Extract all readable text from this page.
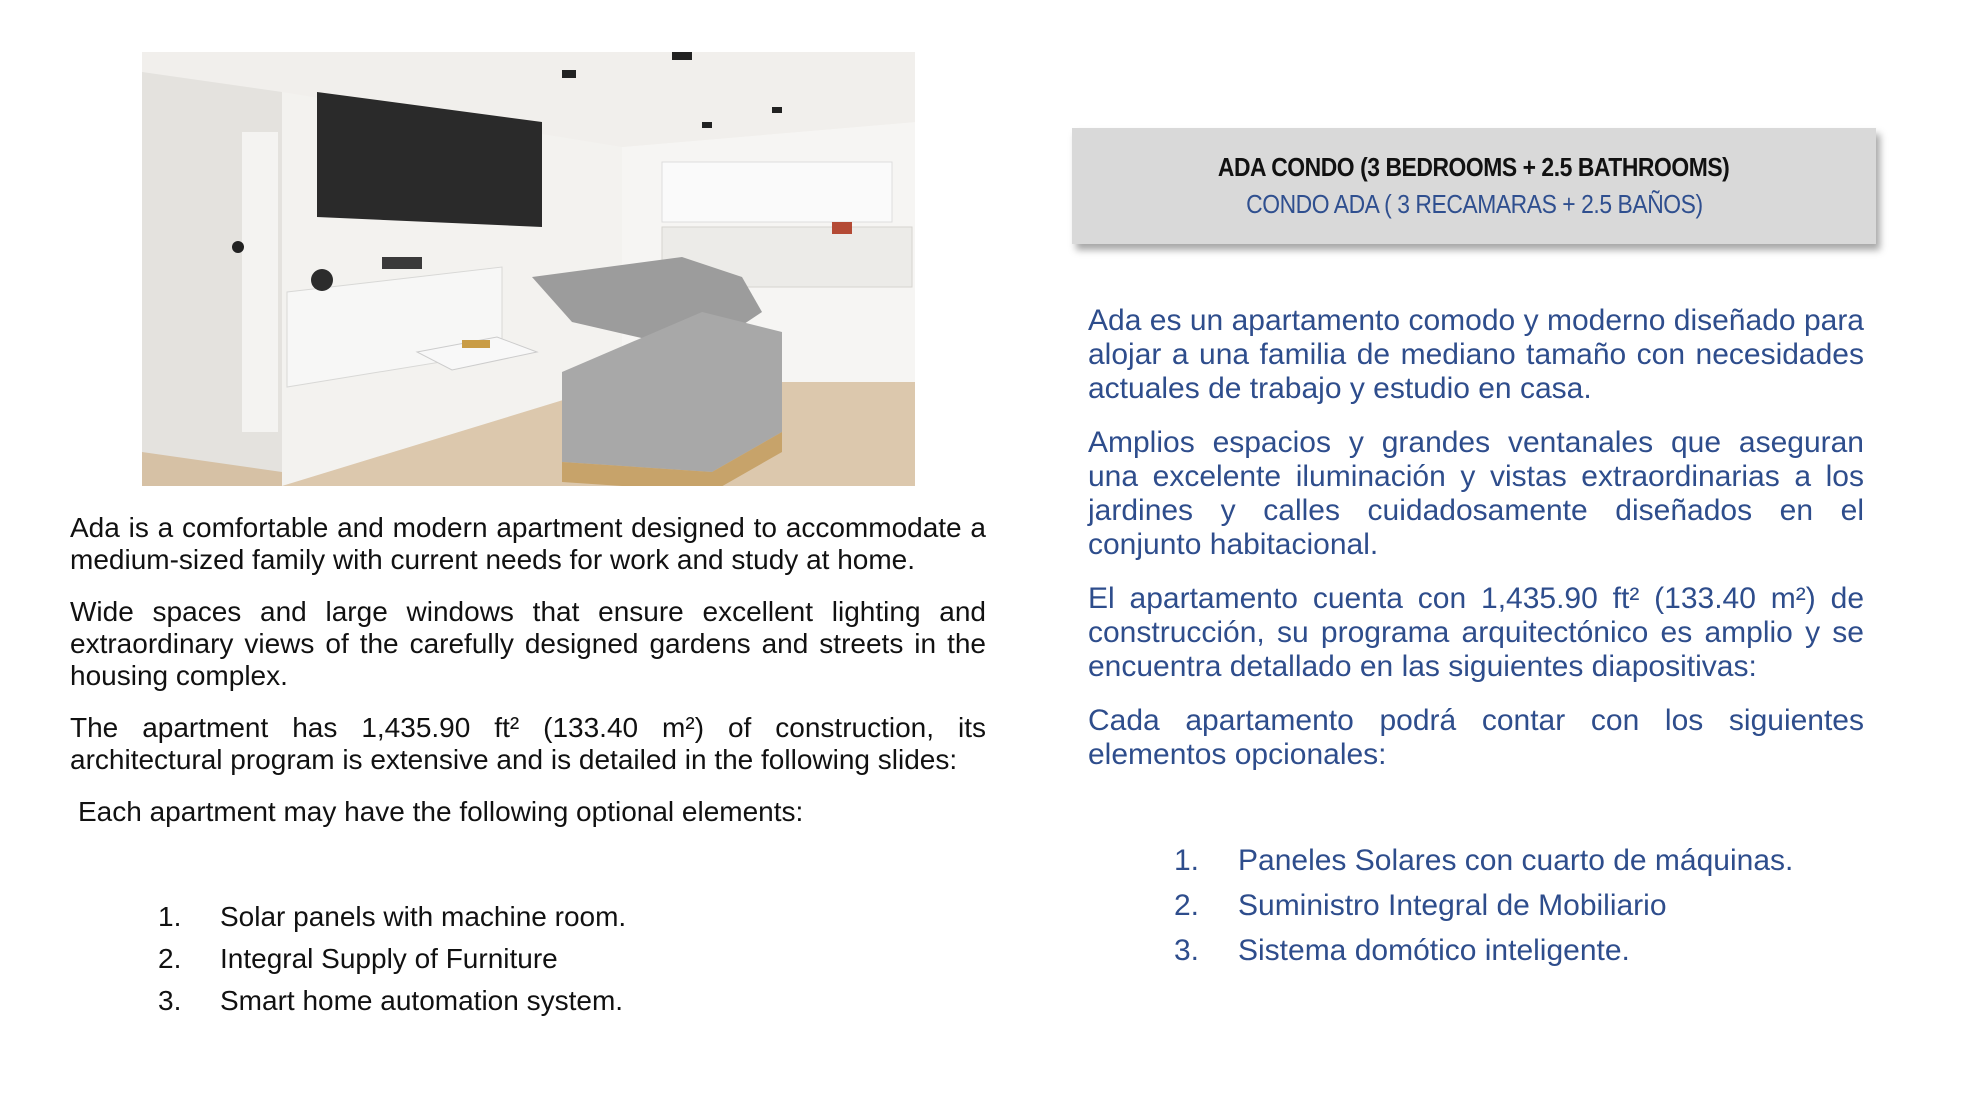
Ada is a comfortable and modern apartment designed to accommodate a medium-sized family with current needs for work and study at home.

Wide spaces and large windows that ensure excellent lighting and extraordinary views of the carefully designed gardens and streets in the housing complex.

The apartment has 1,435.90 ft² (133.40 m²) of construction, its architectural program is extensive and is detailed in the following slides:

Each apartment may have the following optional elements:

1.	Solar panels with machine room.
2.	Integral Supply of Furniture
3.	Smart home automation system.
ADA CONDO (3 BEDROOMS + 2.5 BATHROOMS)
CONDO ADA ( 3 RECAMARAS + 2.5 BAÑOS)

Ada es un apartamento comodo y moderno diseñado para alojar a una familia de mediano tamaño con necesidades actuales de trabajo y estudio en casa.

Amplios espacios y grandes ventanales que aseguran una excelente iluminación y vistas extraordinarias a los jardines y calles cuidadosamente diseñados en el conjunto habitacional.

El apartamento cuenta con 1,435.90 ft² (133.40 m²) de construcción, su programa arquitectónico es amplio y se encuentra detallado en las siguientes diapositivas:

Cada apartamento podrá contar con los siguientes elementos opcionales:

1.	Paneles Solares con cuarto de máquinas.
2.	Suministro Integral de Mobiliario
3.	Sistema domótico inteligente.
